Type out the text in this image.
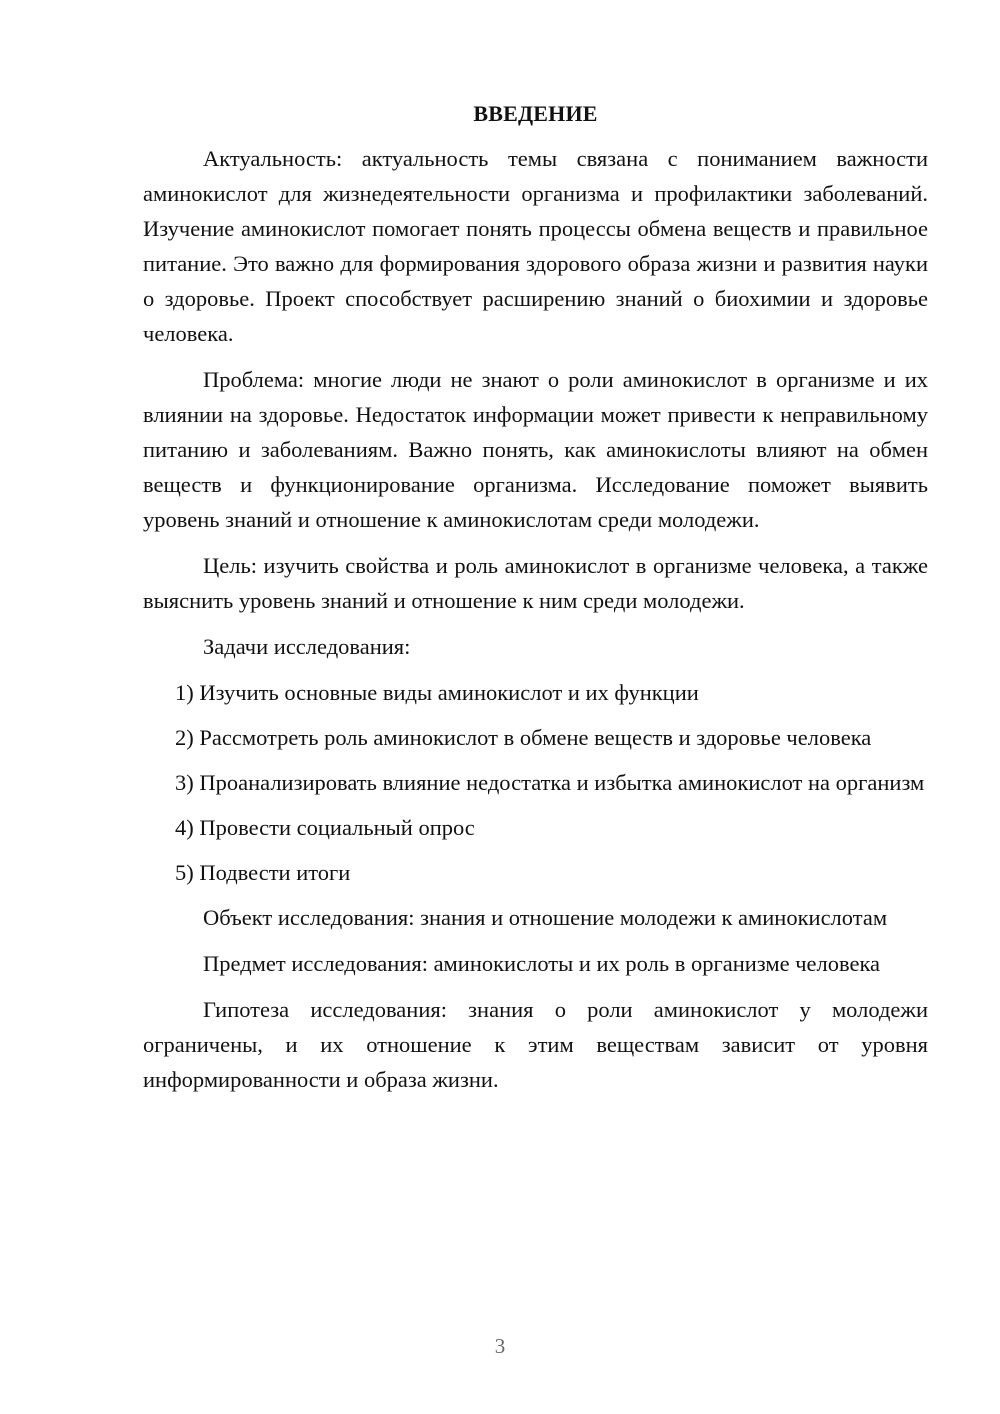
ВВЕДЕНИЕ

Актуальность: актуальность темы связана с пониманием важности аминокислот для жизнедеятельности организма и профилактики заболеваний. Изучение аминокислот помогает понять процессы обмена веществ и правильное питание. Это важно для формирования здорового образа жизни и развития науки о здоровье. Проект способствует расширению знаний о биохимии и здоровье человека.

Проблема: многие люди не знают о роли аминокислот в организме и их влиянии на здоровье. Недостаток информации может привести к неправильному питанию и заболеваниям. Важно понять, как аминокислоты влияют на обмен веществ и функционирование организма. Исследование поможет выявить уровень знаний и отношение к аминокислотам среди молодежи.

Цель: изучить свойства и роль аминокислот в организме человека, а также выяснить уровень знаний и отношение к ним среди молодежи.

Задачи исследования:

1) Изучить основные виды аминокислот и их функции

2) Рассмотреть роль аминокислот в обмене веществ и здоровье человека

3) Проанализировать влияние недостатка и избытка аминокислот на организм

4) Провести социальный опрос

5) Подвести итоги

Объект исследования: знания и отношение молодежи к аминокислотам

Предмет исследования: аминокислоты и их роль в организме человека

Гипотеза исследования: знания о роли аминокислот у молодежи ограничены, и их отношение к этим веществам зависит от уровня информированности и образа жизни.

3
